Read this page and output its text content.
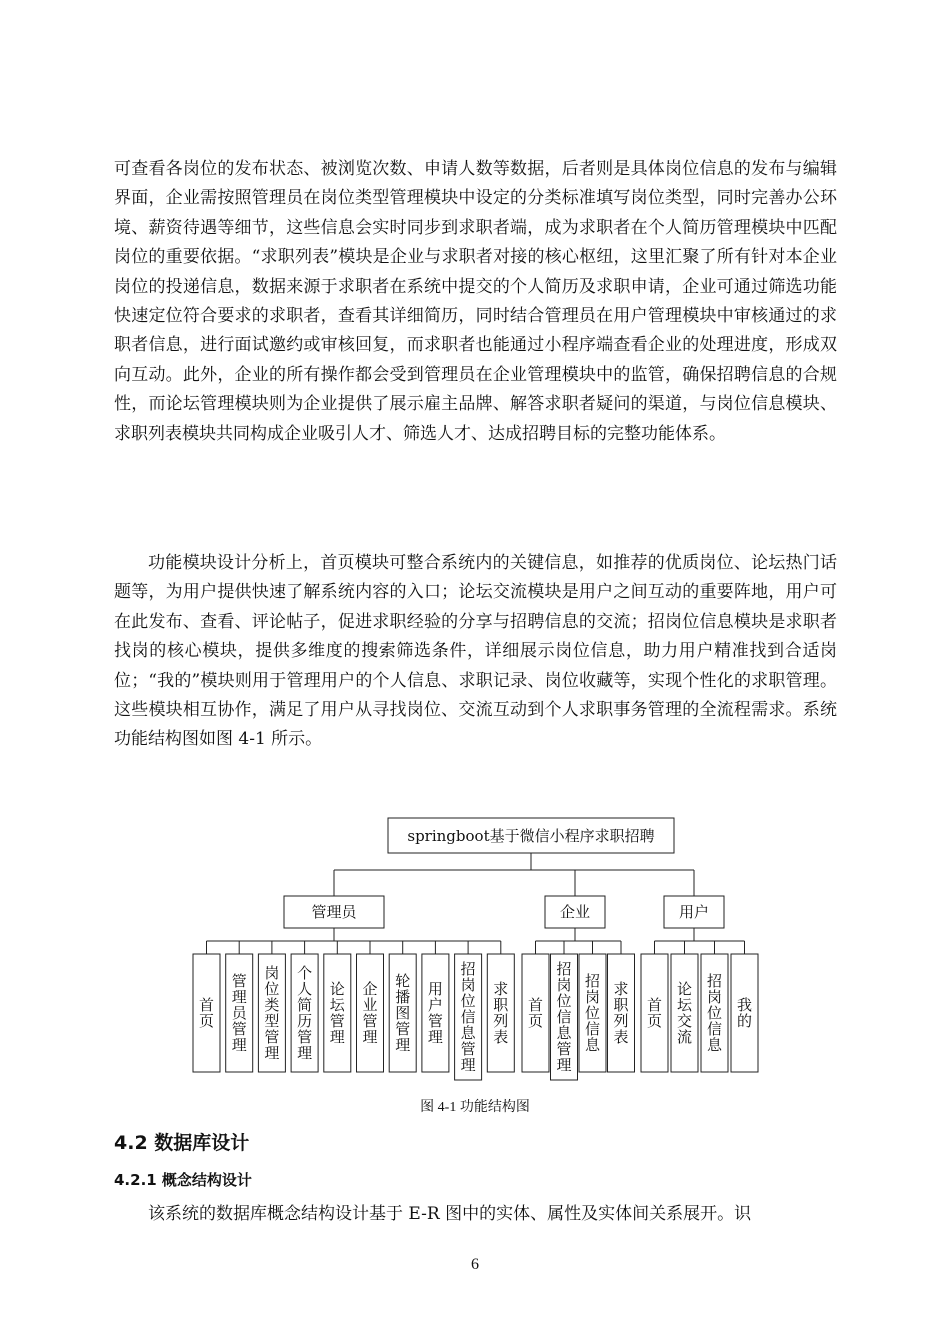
可查看各岗位的发布状态、被浏览次数、申请人数等数据，后者则是具体岗位信息的发布与编辑界面，企业需按照管理员在岗位类型管理模块中设定的分类标准填写岗位类型，同时完善办公环境、薪资待遇等细节，这些信息会实时同步到求职者端，成为求职者在个人简历管理模块中匹配岗位的重要依据。“求职列表”模块是企业与求职者对接的核心枢纽，这里汇聚了所有针对本企业岗位的投递信息，数据来源于求职者在系统中提交的个人简历及求职申请，企业可通过筛选功能快速定位符合要求的求职者，查看其详细简历，同时结合管理员在用户管理模块中审核通过的求职者信息，进行面试邀约或审核回复，而求职者也能通过小程序端查看企业的处理进度，形成双向互动。此外，企业的所有操作都会受到管理员在企业管理模块中的监管，确保招聘信息的合规性，而论坛管理模块则为企业提供了展示雇主品牌、解答求职者疑问的渠道，与岗位信息模块、求职列表模块共同构成企业吸引人才、筛选人才、达成招聘目标的完整功能体系。

功能模块设计分析上，首页模块可整合系统内的关键信息，如推荐的优质岗位、论坛热门话题等，为用户提供快速了解系统内容的入口；论坛交流模块是用户之间互动的重要阵地，用户可在此发布、查看、评论帖子，促进求职经验的分享与招聘信息的交流；招岗位信息模块是求职者找岗的核心模块，提供多维度的搜索筛选条件，详细展示岗位信息，助力用户精准找到合适岗位；“我的”模块则用于管理用户的个人信息、求职记录、岗位收藏等，实现个性化的求职管理。这些模块相互协作，满足了用户从寻找岗位、交流互动到个人求职事务管理的全流程需求。系统功能结构图如图 4-1 所示。

springboot基于微信小程序求职招聘
管理员
首页
管理员管理
岗位类型管理
个人简历管理
论坛管理
企业管理
轮播图管理
用户管理
招岗位信息管理
求职列表
企业
首页
招岗位信息管理
招岗位信息
求职列表
用户
首页
论坛交流
招岗位信息
我的
图 4-1 功能结构图
4.2 数据库设计
4.2.1 概念结构设计

该系统的数据库概念结构设计基于 E-R 图中的实体、属性及实体间关系展开。识

6
